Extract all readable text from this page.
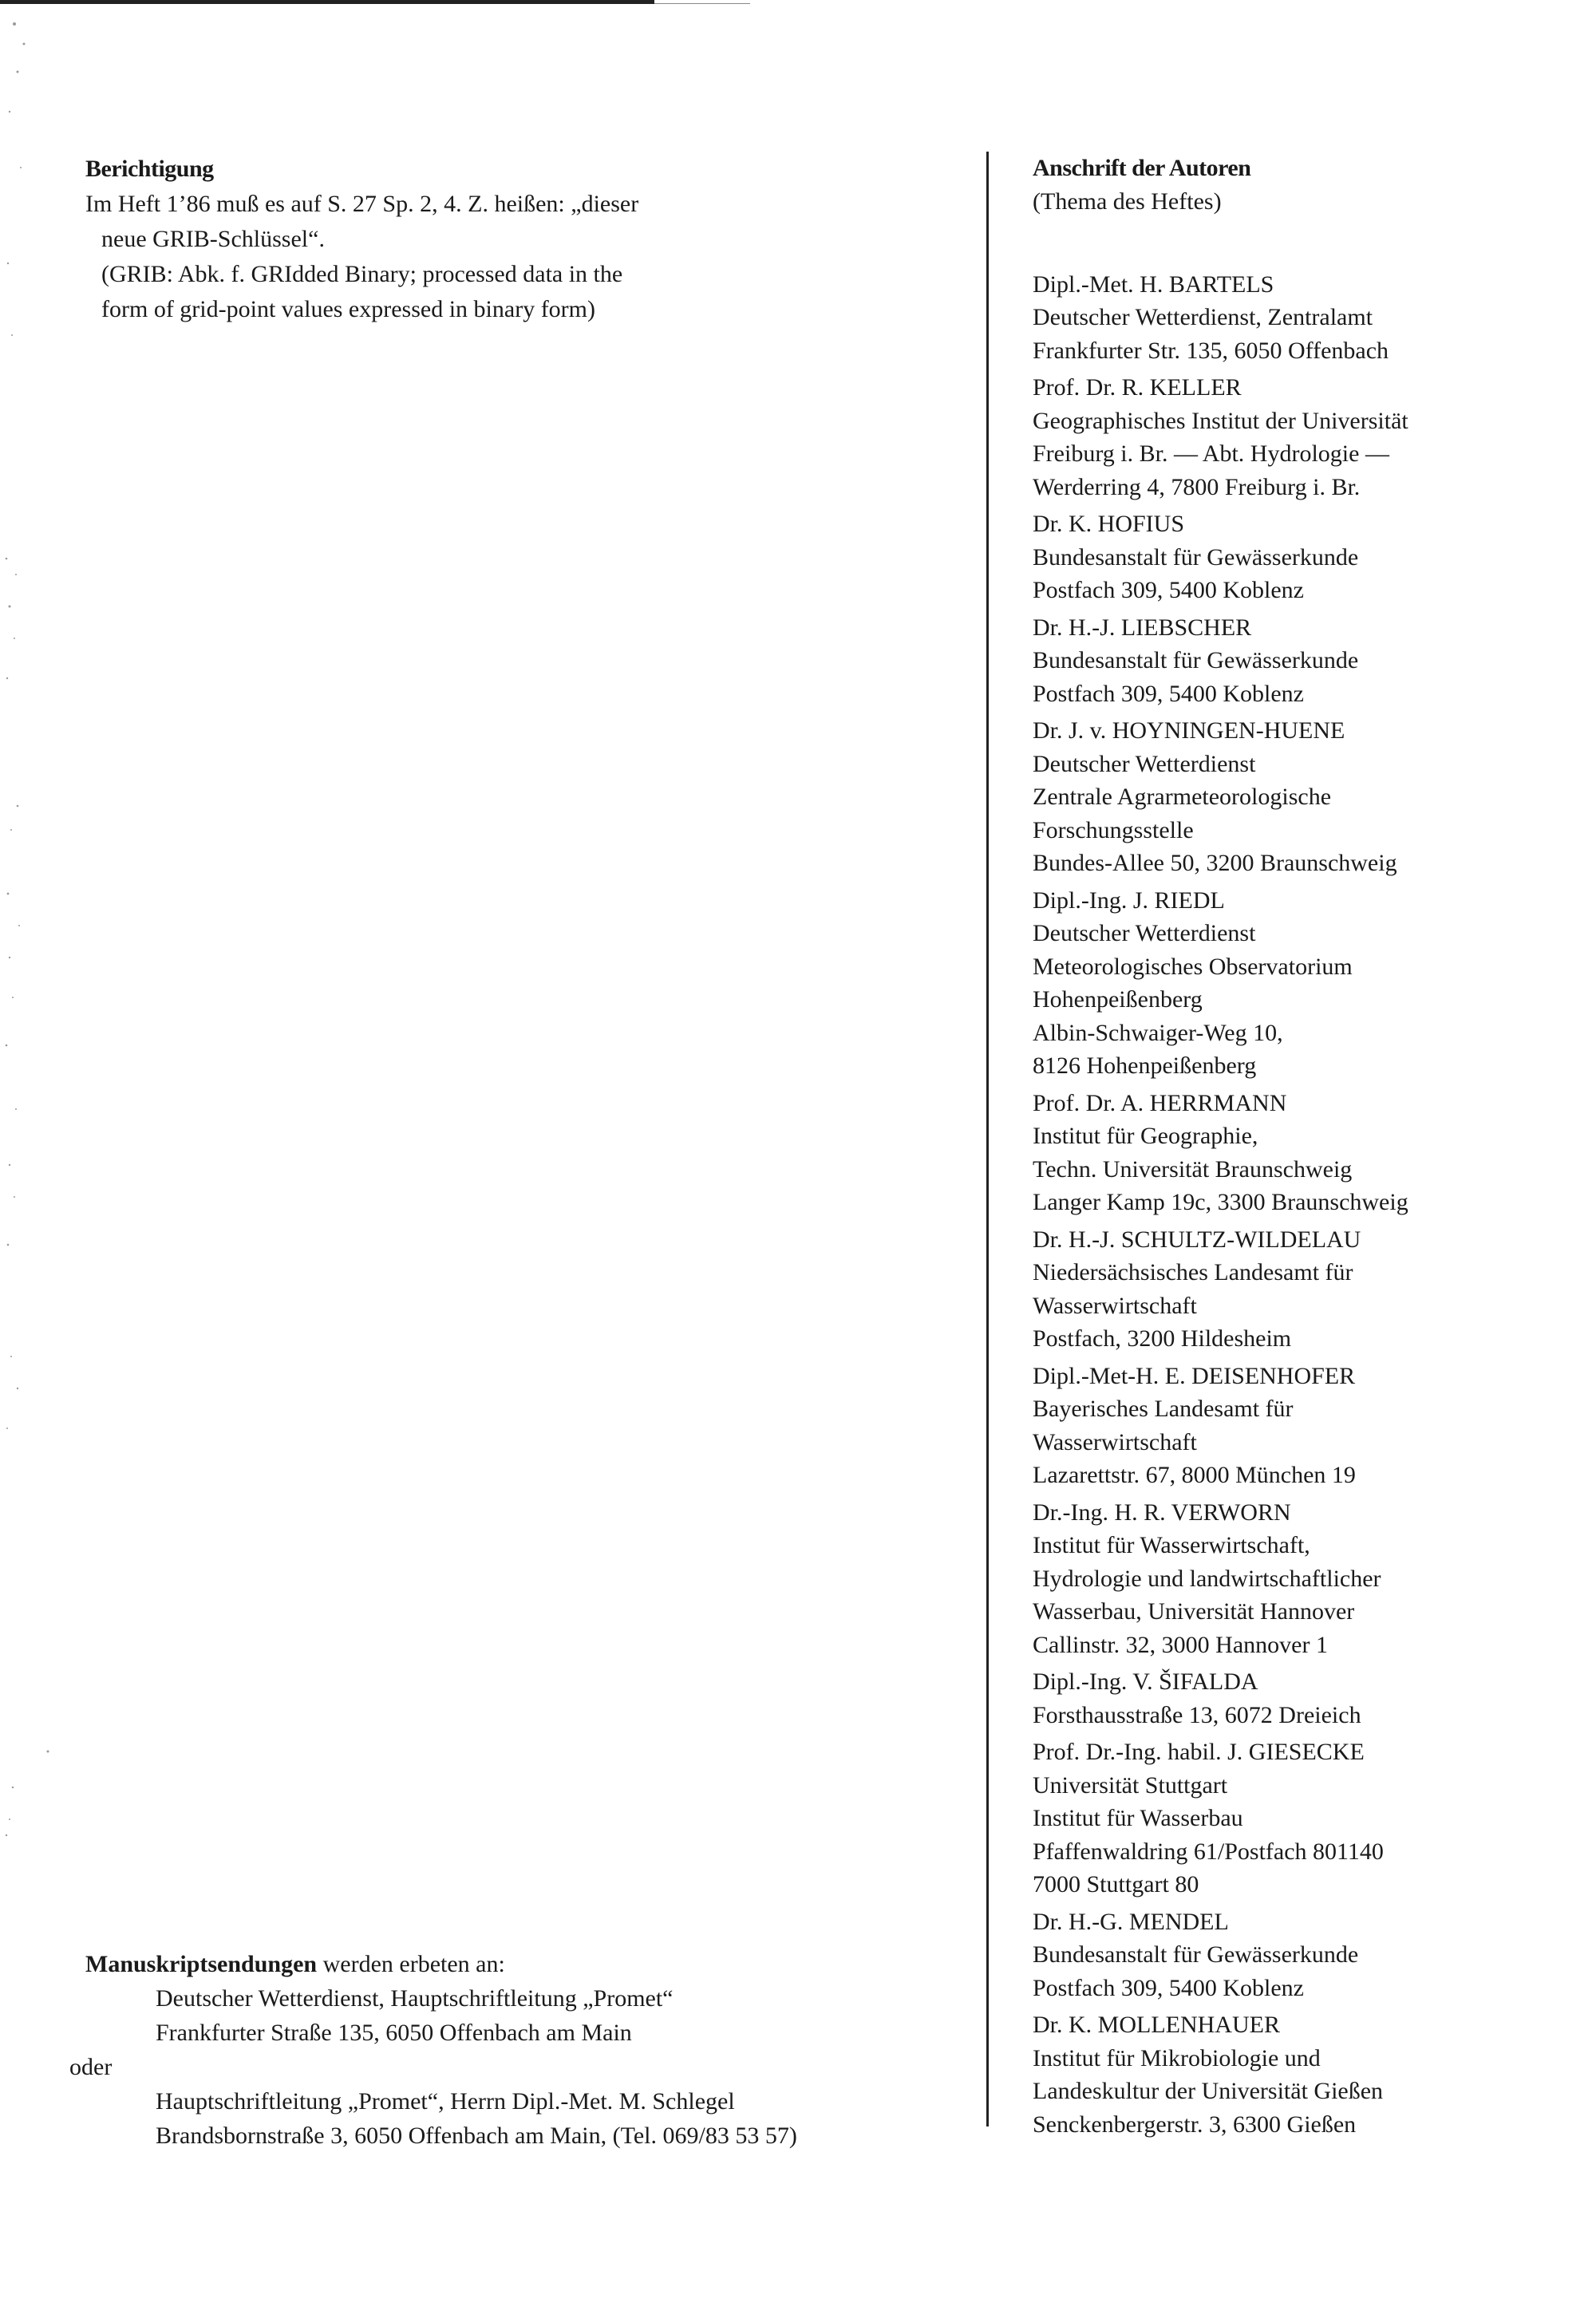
Berichtigung
Im Heft 1’86 muß es auf S. 27 Sp. 2, 4. Z. heißen: „dieser
neue GRIB-Schlüssel“.
(GRIB: Abk. f. GRIdded Binary; processed data in the
form of grid-point values expressed in binary form)
Manuskriptsendungen werden erbeten an:
Deutscher Wetterdienst, Hauptschriftleitung „Promet“
Frankfurter Straße 135, 6050 Offenbach am Main
oder
Hauptschriftleitung „Promet“, Herrn Dipl.-Met. M. Schlegel
Brandsbornstraße 3, 6050 Offenbach am Main, (Tel. 069/83 53 57)
Anschrift der Autoren
(Thema des Heftes)
Dipl.-Met. H. BARTELS
Deutscher Wetterdienst, Zentralamt
Frankfurter Str. 135, 6050 Offenbach
Prof. Dr. R. KELLER
Geographisches Institut der Universität
Freiburg i. Br. — Abt. Hydrologie —
Werderring 4, 7800 Freiburg i. Br.
Dr. K. HOFIUS
Bundesanstalt für Gewässerkunde
Postfach 309, 5400 Koblenz
Dr. H.-J. LIEBSCHER
Bundesanstalt für Gewässerkunde
Postfach 309, 5400 Koblenz
Dr. J. v. HOYNINGEN-HUENE
Deutscher Wetterdienst
Zentrale Agrarmeteorologische
Forschungsstelle
Bundes-Allee 50, 3200 Braunschweig
Dipl.-Ing. J. RIEDL
Deutscher Wetterdienst
Meteorologisches Observatorium
Hohenpeißenberg
Albin-Schwaiger-Weg 10,
8126 Hohenpeißenberg
Prof. Dr. A. HERRMANN
Institut für Geographie,
Techn. Universität Braunschweig
Langer Kamp 19c, 3300 Braunschweig
Dr. H.-J. SCHULTZ-WILDELAU
Niedersächsisches Landesamt für
Wasserwirtschaft
Postfach, 3200 Hildesheim
Dipl.-Met-H. E. DEISENHOFER
Bayerisches Landesamt für
Wasserwirtschaft
Lazarettstr. 67, 8000 München 19
Dr.-Ing. H. R. VERWORN
Institut für Wasserwirtschaft,
Hydrologie und landwirtschaftlicher
Wasserbau, Universität Hannover
Callinstr. 32, 3000 Hannover 1
Dipl.-Ing. V. ŠIFALDA
Forsthausstraße 13, 6072 Dreieich
Prof. Dr.-Ing. habil. J. GIESECKE
Universität Stuttgart
Institut für Wasserbau
Pfaffenwaldring 61/Postfach 801140
7000 Stuttgart 80
Dr. H.-G. MENDEL
Bundesanstalt für Gewässerkunde
Postfach 309, 5400 Koblenz
Dr. K. MOLLENHAUER
Institut für Mikrobiologie und
Landeskultur der Universität Gießen
Senckenbergerstr. 3, 6300 Gießen
